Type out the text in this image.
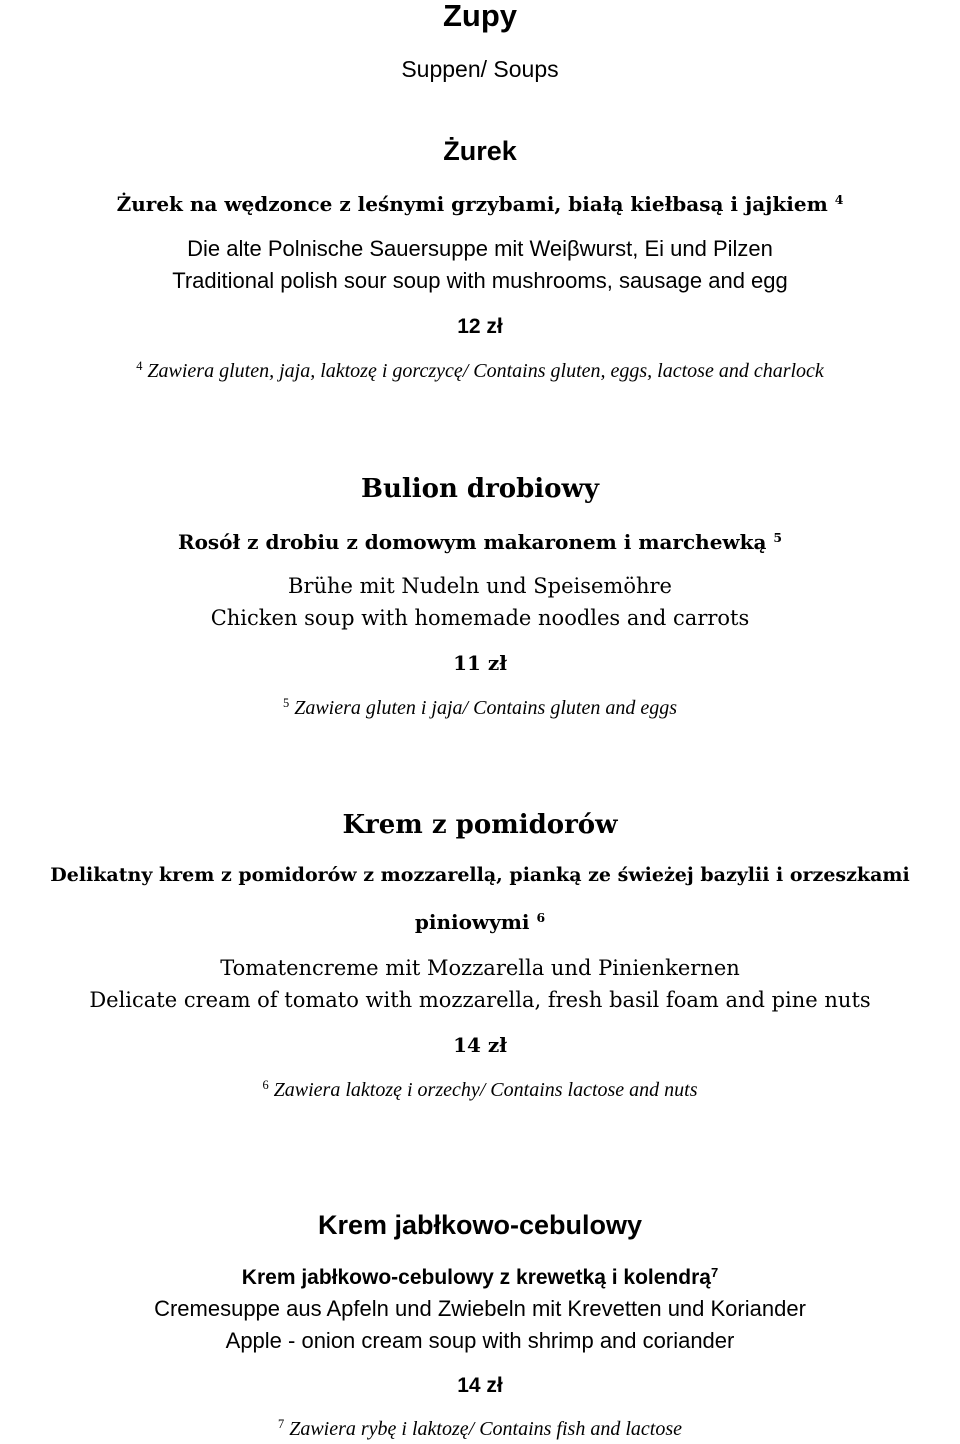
Zupy
Suppen/ Soups
Żurek
Żurek na wędzonce z leśnymi grzybami, białą kiełbasą i jajkiem $^4$
Die alte Polnische Sauersuppe mit Weiβwurst, Ei und Pilzen
Traditional polish sour soup with mushrooms, sausage and egg
12 zł
$^4$ Zawiera gluten, jaja, laktozę i gorczycę/ Contains gluten, eggs, lactose and charlock
Bulion drobiowy
Rosół z drobiu z domowym makaronem i marchewką $^5$
Brühe mit Nudeln und Speisemöhre
Chicken soup with homemade noodles and carrots
11 zł
$^5$ Zawiera gluten i jaja/ Contains gluten and eggs
Krem z pomidorów
Delikatny krem z pomidorów z mozzarellą, pianką ze świeżej bazylii i orzeszkami
piniowymi $^6$
Tomatencreme mit Mozzarella und Pinienkernen
Delicate cream of tomato with mozzarella, fresh basil foam and pine nuts
14 zł
$^6$ Zawiera laktozę i orzechy/ Contains lactose and nuts
Krem jabłkowo-cebulowy
Krem jabłkowo-cebulowy z krewetką i kolendrą$^7$
Cremesuppe aus Apfeln und Zwiebeln mit Krevetten und Koriander
Apple - onion cream soup with shrimp and coriander
14 zł
$^7$ Zawiera rybę i laktozę/ Contains fish and lactose
